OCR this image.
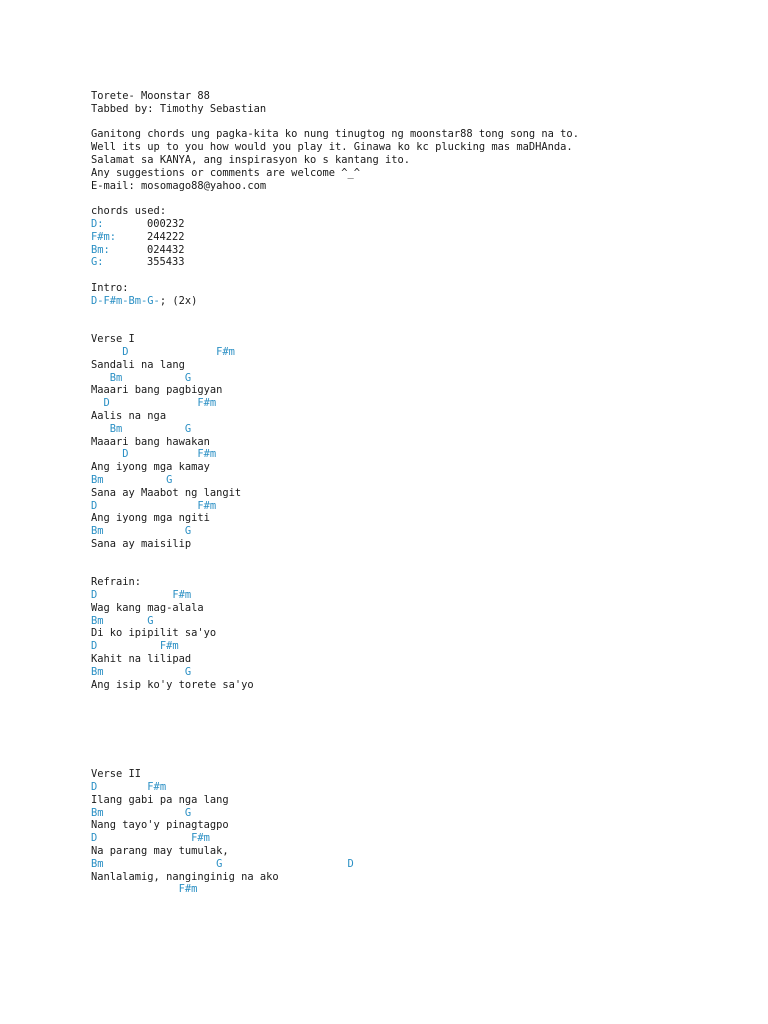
Torete- Moonstar 88
Tabbed by: Timothy Sebastian
Ganitong chords ung pagka-kita ko nung tinugtog ng moonstar88 tong song na to.
Well its up to you how would you play it. Ginawa ko kc plucking mas maDHAnda.
Salamat sa KANYA, ang inspirasyon ko s kantang ito.
Any suggestions or comments are welcome ^_^
E-mail: mosomago88@yahoo.com
chords used:
D:	000232
F#m:	244222
Bm:	024432
G:	355433
Intro:
D-F#m-Bm-G-; (2x)
Verse I
D              F#m
Sandali na lang
Bm          G
Maaari bang pagbigyan
D              F#m
Aalis na nga
Bm          G
Maaari bang hawakan
D           F#m
Ang iyong mga kamay
Bm          G
Sana ay Maabot ng langit
D                F#m
Ang iyong mga ngiti
Bm             G
Sana ay maisilip
Refrain:
D            F#m
Wag kang mag-alala
Bm       G
Di ko ipipilit sa'yo
D          F#m
Kahit na lilipad
Bm             G
Ang isip ko'y torete sa'yo
Verse II
D        F#m
Ilang gabi pa nga lang
Bm             G
Nang tayo'y pinagtagpo
D               F#m
Na parang may tumulak,
Bm                  G                    D
Nanlalamig, nanginginig na ako
F#m
